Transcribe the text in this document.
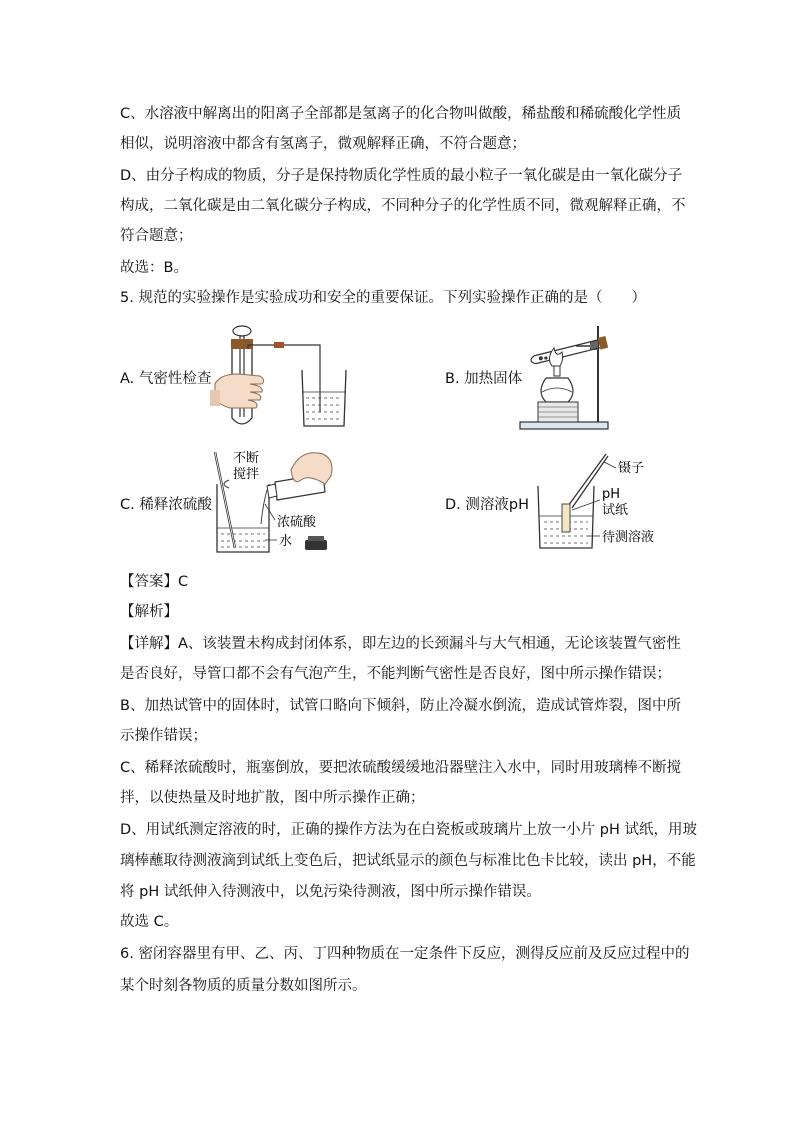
C、水溶液中解离出的阳离子全部都是氢离子的化合物叫做酸，稀盐酸和稀硫酸化学性质
相似，说明溶液中都含有氢离子，微观解释正确，不符合题意；
D、由分子构成的物质，分子是保持物质化学性质的最小粒子一氧化碳是由一氧化碳分子
构成，二氧化碳是由二氧化碳分子构成，不同种分子的化学性质不同，微观解释正确，不
符合题意；
故选：B。
5. 规范的实验操作是实验成功和安全的重要保证。下列实验操作正确的是（　　）
A. 气密性检查	B. 加热固体
C. 稀释浓硫酸	D. 测溶液pH
不断
搅拌
浓硫酸
水
镊子
pH
试纸
待测溶液
【答案】C
【解析】
【详解】A、该装置未构成封闭体系，即左边的长颈漏斗与大气相通，无论该装置气密性
是否良好，导管口都不会有气泡产生，不能判断气密性是否良好，图中所示操作错误；
B、加热试管中的固体时，试管口略向下倾斜，防止冷凝水倒流，造成试管炸裂，图中所
示操作错误；
C、稀释浓硫酸时，瓶塞倒放，要把浓硫酸缓缓地沿器壁注入水中，同时用玻璃棒不断搅
拌，以使热量及时地扩散，图中所示操作正确；
D、用试纸测定溶液的时，正确的操作方法为在白瓷板或玻璃片上放一小片 pH 试纸，用玻
璃棒蘸取待测液滴到试纸上变色后，把试纸显示的颜色与标准比色卡比较，读出 pH，不能
将 pH 试纸伸入待测液中，以免污染待测液，图中所示操作错误。
故选 C。
6. 密闭容器里有甲、乙、丙、丁四种物质在一定条件下反应，测得反应前及反应过程中的
某个时刻各物质的质量分数如图所示。
